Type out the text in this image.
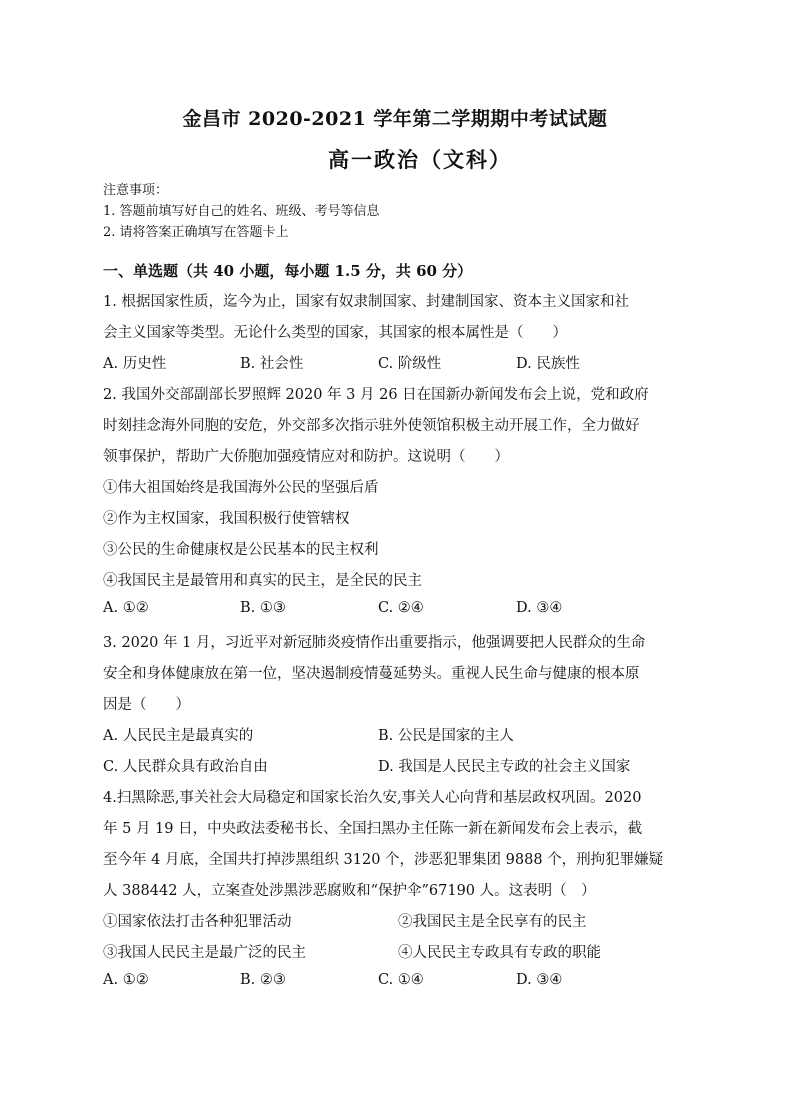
金昌市 2020-2021 学年第二学期期中考试试题
高一政治（文科）
注意事项：
1. 答题前填写好自己的姓名、班级、考号等信息
2. 请将答案正确填写在答题卡上
一、单选题（共 40 小题，每小题 1.5 分，共 60 分）
1. 根据国家性质，迄今为止，国家有奴隶制国家、封建制国家、资本主义国家和社
会主义国家等类型。无论什么类型的国家，其国家的根本属性是（　　）
A. 历史性	B. 社会性	C. 阶级性	D. 民族性
2. 我国外交部副部长罗照辉 2020 年 3 月 26 日在国新办新闻发布会上说，党和政府
时刻挂念海外同胞的安危，外交部多次指示驻外使领馆积极主动开展工作，全力做好
领事保护，帮助广大侨胞加强疫情应对和防护。这说明（　　）
①伟大祖国始终是我国海外公民的坚强后盾
②作为主权国家，我国积极行使管辖权
③公民的生命健康权是公民基本的民主权利
④我国民主是最管用和真实的民主，是全民的民主
A. ①②	B. ①③	C. ②④	D. ③④
3. 2020 年 1 月，习近平对新冠肺炎疫情作出重要指示，他强调要把人民群众的生命
安全和身体健康放在第一位，坚决遏制疫情蔓延势头。重视人民生命与健康的根本原
因是（　　）
A. 人民民主是最真实的	B. 公民是国家的主人
C. 人民群众具有政治自由	D. 我国是人民民主专政的社会主义国家
4.扫黑除恶,事关社会大局稳定和国家长治久安,事关人心向背和基层政权巩固。2020
年 5 月 19 日，中央政法委秘书长、全国扫黑办主任陈一新在新闻发布会上表示，截
至今年 4 月底，全国共打掉涉黑组织 3120 个，涉恶犯罪集团 9888 个，刑拘犯罪嫌疑
人 388442 人，立案查处涉黑涉恶腐败和“保护伞”67190 人。这表明（　）
①国家依法打击各种犯罪活动	②我国民主是全民享有的民主
③我国人民民主是最广泛的民主	④人民民主专政具有专政的职能
A. ①②	B. ②③	C. ①④	D. ③④
